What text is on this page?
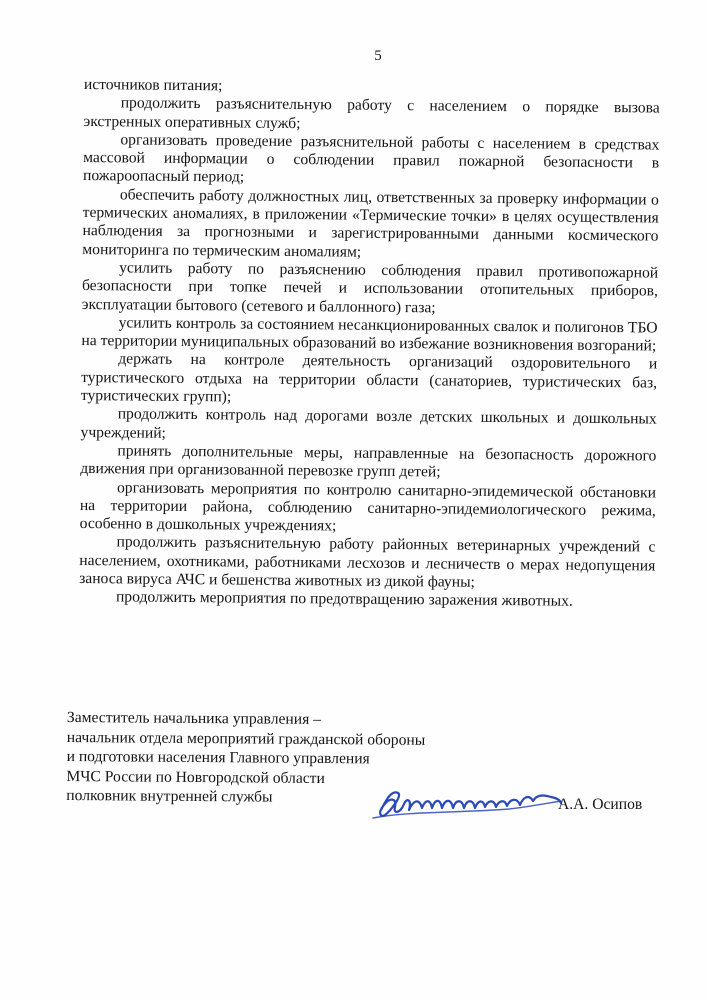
5

источников питания;

продолжить разъяснительную работу с населением о порядке вызова экстренных оперативных служб;

организовать проведение разъяснительной работы с населением в средствах массовой информации о соблюдении правил пожарной безопасности в пожароопасный период;

обеспечить работу должностных лиц, ответственных за проверку информации о термических аномалиях, в приложении «Термические точки» в целях осуществления наблюдения за прогнозными и зарегистрированными данными космического мониторинга по термическим аномалиям;

усилить работу по разъяснению соблюдения правил противопожарной безопасности при топке печей и использовании отопительных приборов, эксплуатации бытового (сетевого и баллонного) газа;

усилить контроль за состоянием несанкционированных свалок и полигонов ТБО на территории муниципальных образований во избежание возникновения возгораний;

держать на контроле деятельность организаций оздоровительного и туристического отдыха на территории области (санаториев, туристических баз, туристических групп);

продолжить контроль над дорогами возле детских школьных и дошкольных учреждений;

принять дополнительные меры, направленные на безопасность дорожного движения при организованной перевозке групп детей;

организовать мероприятия по контролю санитарно-эпидемической обстановки на территории района, соблюдению санитарно-эпидемиологического режима, особенно в дошкольных учреждениях;

продолжить разъяснительную работу районных ветеринарных учреждений с населением, охотниками, работниками лесхозов и лесничеств о мерах недопущения заноса вируса АЧС и бешенства животных из дикой фауны;

продолжить мероприятия по предотвращению заражения животных.

Заместитель начальника управления –
начальник отдела мероприятий гражданской обороны
и подготовки населения Главного управления
МЧС России по Новгородской области
полковник внутренней службы	А.А. Осипов
